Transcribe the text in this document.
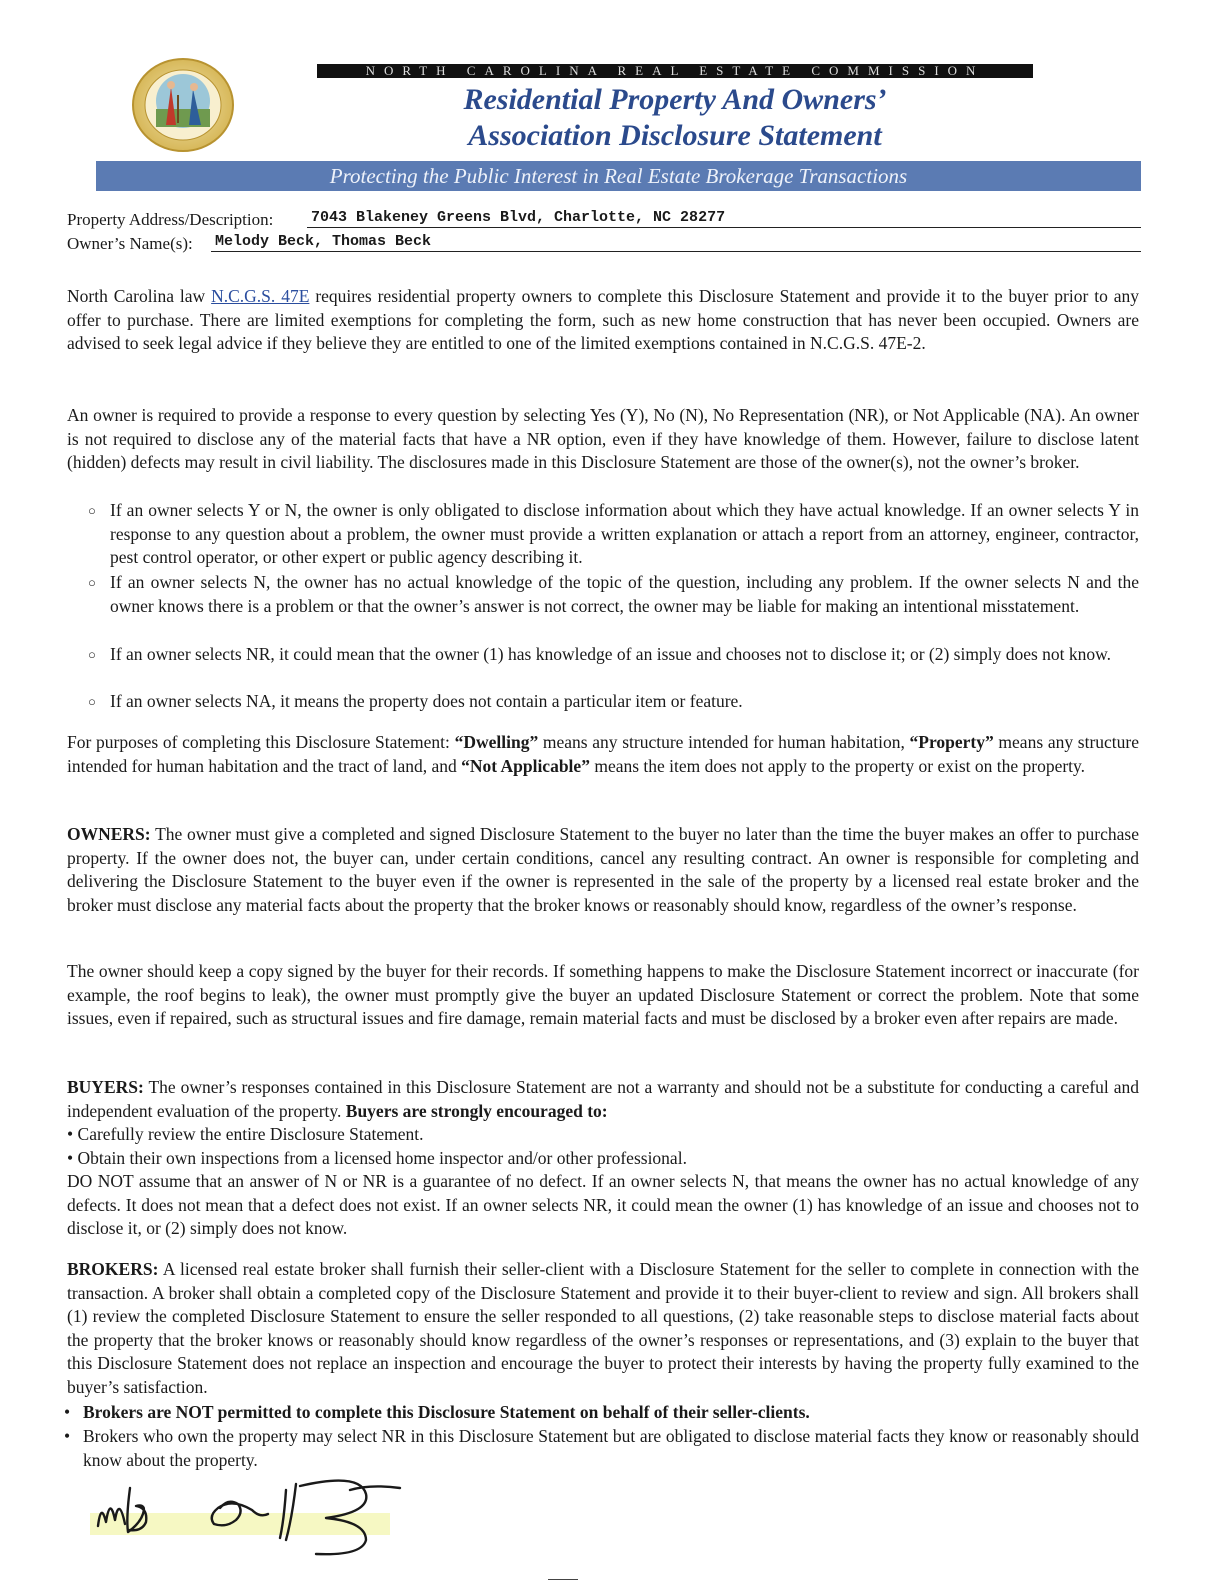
NORTH CAROLINA REAL ESTATE COMMISSION
Residential Property And Owners’
Association Disclosure Statement
Protecting the Public Interest in Real Estate Brokerage Transactions
Property Address/Description:	7043 Blakeney Greens Blvd, Charlotte, NC 28277
Owner’s Name(s): Melody Beck, Thomas Beck

North Carolina law N.C.G.S. 47E requires residential property owners to complete this Disclosure Statement and provide it to the buyer prior to any offer to purchase. There are limited exemptions for completing the form, such as new home construction that has never been occupied. Owners are advised to seek legal advice if they believe they are entitled to one of the limited exemptions contained in N.C.G.S. 47E-2.

An owner is required to provide a response to every question by selecting Yes (Y), No (N), No Representation (NR), or Not Applicable (NA). An owner is not required to disclose any of the material facts that have a NR option, even if they have knowledge of them. However, failure to disclose latent (hidden) defects may result in civil liability. The disclosures made in this Disclosure Statement are those of the owner(s), not the owner’s broker.

○ If an owner selects Y or N, the owner is only obligated to disclose information about which they have actual knowledge. If an owner selects Y in response to any question about a problem, the owner must provide a written explanation or attach a report from an attorney, engineer, contractor, pest control operator, or other expert or public agency describing it.

○ If an owner selects N, the owner has no actual knowledge of the topic of the question, including any problem. If the owner selects N and the owner knows there is a problem or that the owner’s answer is not correct, the owner may be liable for making an intentional misstatement.

○ If an owner selects NR, it could mean that the owner (1) has knowledge of an issue and chooses not to disclose it; or (2) simply does not know.

○ If an owner selects NA, it means the property does not contain a particular item or feature.

For purposes of completing this Disclosure Statement: “Dwelling” means any structure intended for human habitation, “Property” means any structure intended for human habitation and the tract of land, and “Not Applicable” means the item does not apply to the property or exist on the property.

OWNERS: The owner must give a completed and signed Disclosure Statement to the buyer no later than the time the buyer makes an offer to purchase property. If the owner does not, the buyer can, under certain conditions, cancel any resulting contract. An owner is responsible for completing and delivering the Disclosure Statement to the buyer even if the owner is represented in the sale of the property by a licensed real estate broker and the broker must disclose any material facts about the property that the broker knows or reasonably should know, regardless of the owner’s response.

The owner should keep a copy signed by the buyer for their records. If something happens to make the Disclosure Statement incorrect or inaccurate (for example, the roof begins to leak), the owner must promptly give the buyer an updated Disclosure Statement or correct the problem. Note that some issues, even if repaired, such as structural issues and fire damage, remain material facts and must be disclosed by a broker even after repairs are made.

BUYERS: The owner’s responses contained in this Disclosure Statement are not a warranty and should not be a substitute for conducting a careful and independent evaluation of the property. Buyers are strongly encouraged to:

• Carefully review the entire Disclosure Statement.

• Obtain their own inspections from a licensed home inspector and/or other professional.

DO NOT assume that an answer of N or NR is a guarantee of no defect. If an owner selects N, that means the owner has no actual knowledge of any defects. It does not mean that a defect does not exist. If an owner selects NR, it could mean the owner (1) has knowledge of an issue and chooses not to disclose it, or (2) simply does not know.

BROKERS: A licensed real estate broker shall furnish their seller-client with a Disclosure Statement for the seller to complete in connection with the transaction. A broker shall obtain a completed copy of the Disclosure Statement and provide it to their buyer-client to review and sign. All brokers shall (1) review the completed Disclosure Statement to ensure the seller responded to all questions, (2) take reasonable steps to disclose material facts about the property that the broker knows or reasonably should know regardless of the owner’s responses or representations, and (3) explain to the buyer that this Disclosure Statement does not replace an inspection and encourage the buyer to protect their interests by having the property fully examined to the buyer’s satisfaction.

• Brokers are NOT permitted to complete this Disclosure Statement on behalf of their seller-clients.

• Brokers who own the property may select NR in this Disclosure Statement but are obligated to disclose material facts they know or reasonably should know about the property.
